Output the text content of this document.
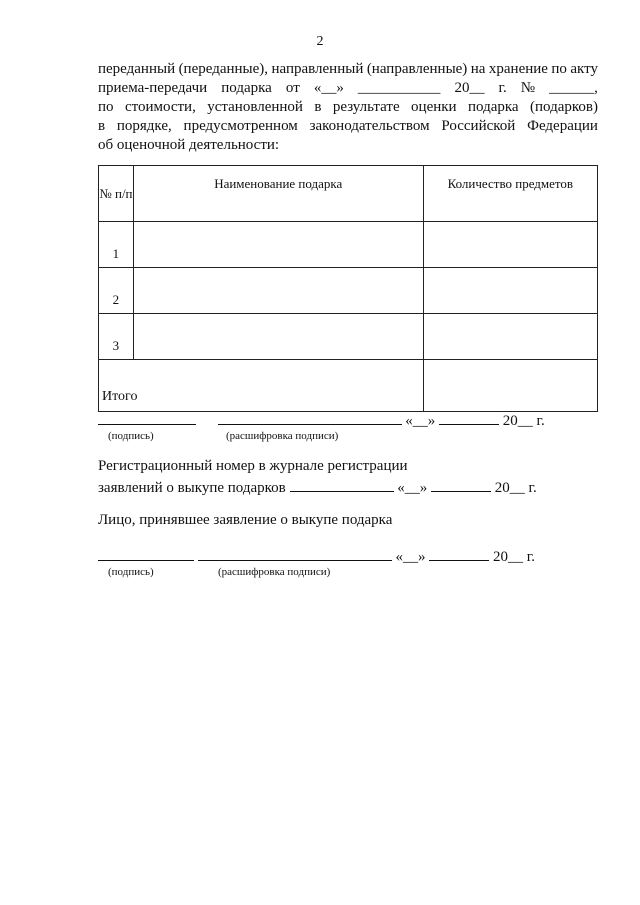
2
переданный (переданные), направленный (направленные) на хранение по акту
приема-передачи подарка от «__» ___________ 20__ г. № ______,
по стоимости, установленной в результате оценки подарка (подарков)
в порядке, предусмотренном законодательством Российской Федерации
об оценочной деятельности:
№ п/п	Наименование подарка	Количество предметов
1		
2		
3		
Итого		
«__»	20__ г.
(подпись)	(расшифровка подписи)
Регистрационный номер в журнале регистрации
заявлений о выкупе подарков	«__»	20__ г.
Лицо, принявшее заявление о выкупе подарка
«__»	20__ г.
(подпись)	(расшифровка подписи)
